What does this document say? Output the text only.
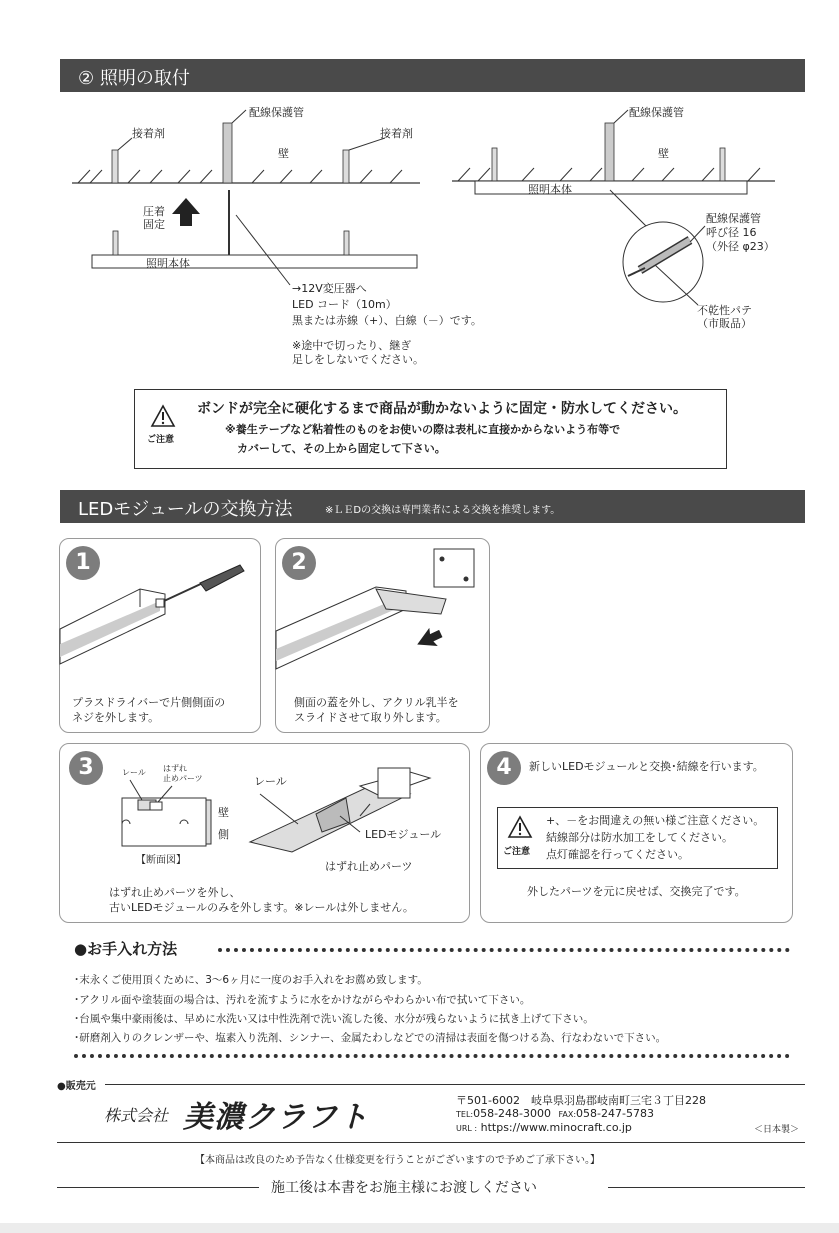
② 照明の取付
接着剤
配線保護管
接着剤
壁
圧着
固定
照明本体
→12V変圧器へ
LED コード（10m）
黒または赤線（+）、白線（－）です。
※途中で切ったり、継ぎ
足しをしないでください。
配線保護管
壁
照明本体
配線保護管
呼び径 16
（外径 φ23）
不乾性パテ
（市販品）
ご注意
ボンドが完全に硬化するまで商品が動かないように固定・防水してください。
※養生テープなど粘着性のものをお使いの際は表札に直接かからないよう布等で
カバーして、その上から固定して下さい。
LEDモジュールの交換方法	※ＬＥDの交換は専門業者による交換を推奨します。
1
プラスドライバーで片側側面の
ネジを外します。
2
側面の蓋を外し、アクリル乳半を
スライドさせて取り外します。
3	レール はずれ
止めパーツ
壁
側
【断面図】
レール
LEDモジュール
はずれ止めパーツ
はずれ止めパーツを外し、
古いLEDモジュールのみを外します。※レールは外しません。
4	新しいLEDモジュールと交換･結線を行います。
ご注意
+、－をお間違えの無い様ご注意ください。
結線部分は防水加工をしてください。
点灯確認を行ってください。
外したパーツを元に戻せば、交換完了です。
●お手入れ方法
･末永くご使用頂くために、3～6ヶ月に一度のお手入れをお薦め致します。
･アクリル面や塗装面の場合は、汚れを流すように水をかけながらやわらかい布で拭いて下さい。
･台風や集中豪雨後は、早めに水洗い又は中性洗剤で洗い流した後、水分が残らないように拭き上げて下さい。
･研磨剤入りのクレンザーや、塩素入り洗剤、シンナー、金属たわしなどでの清掃は表面を傷つける為、行なわないで下さい。
●販売元
株式会社 美濃クラフト	〒501-6002　岐阜県羽島郡岐南町三宅３丁目228
TEL:058-248-3000 FAX:058-247-5783
URL : https://www.minocraft.co.jp	＜日本製＞
【本商品は改良のため予告なく仕様変更を行うことがございますので予めご了承下さい。】
施工後は本書をお施主様にお渡しください
